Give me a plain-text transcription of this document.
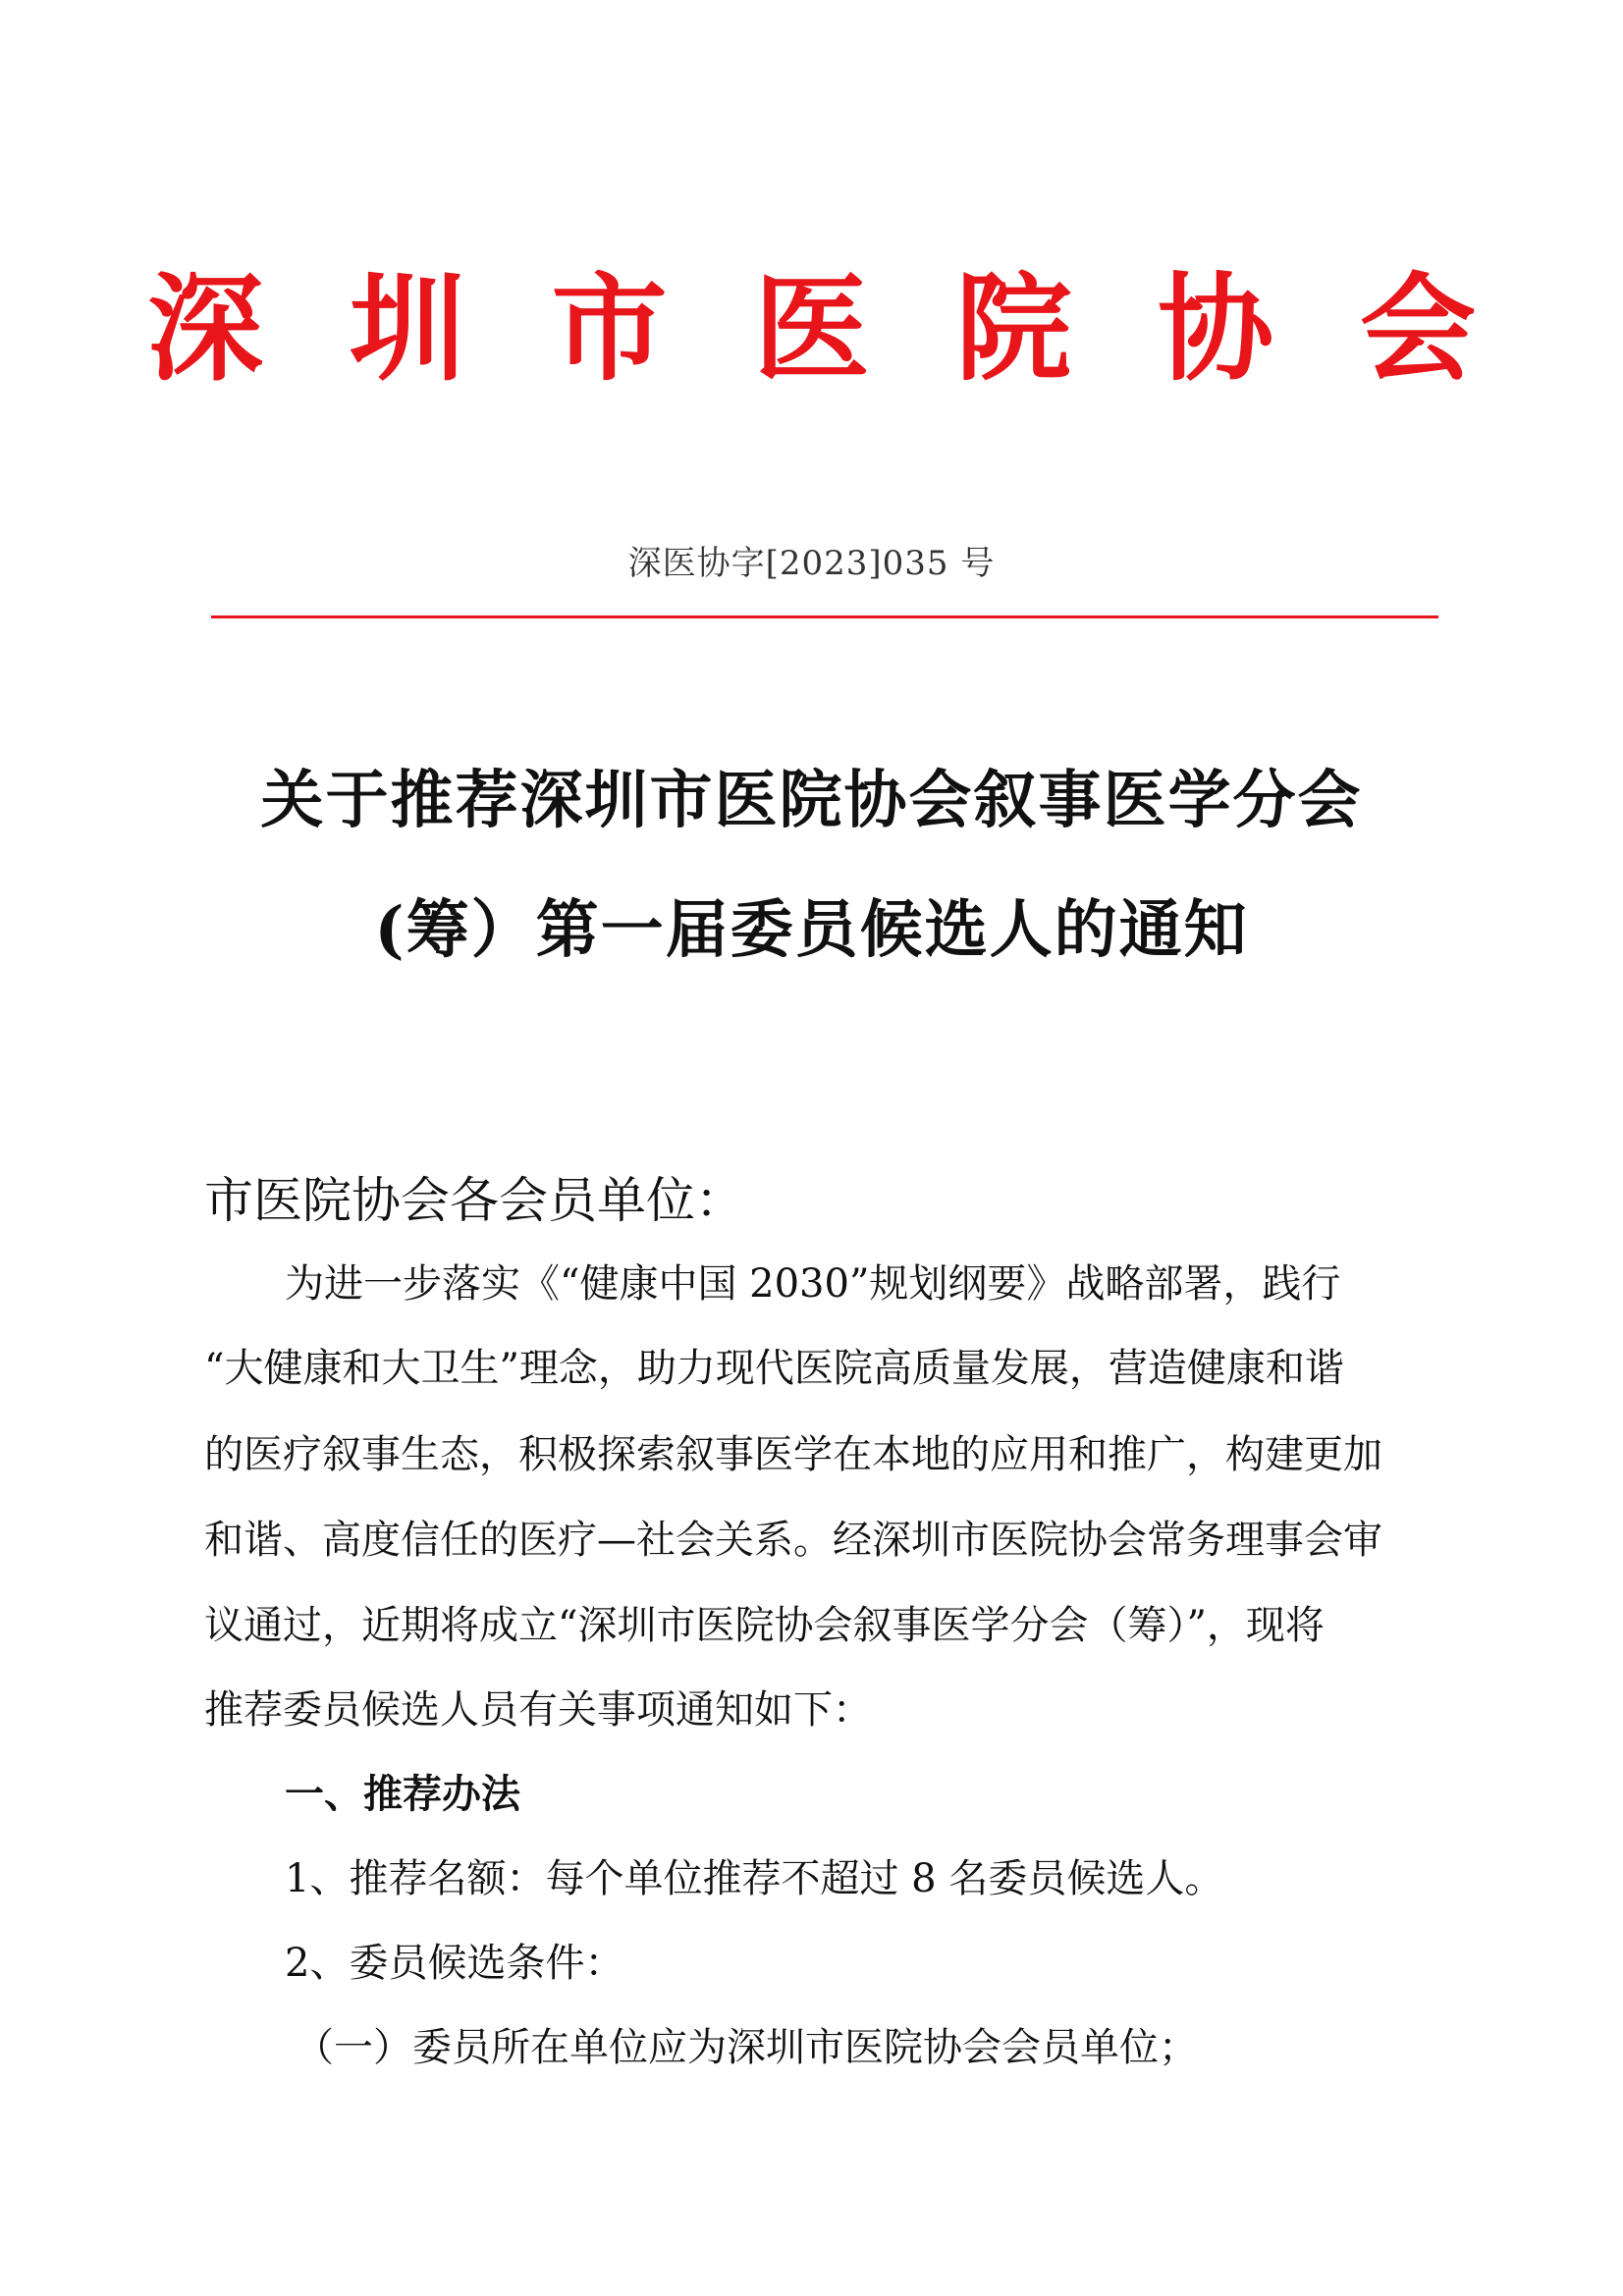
深 圳 市 医 院 协 会
深医协字[2023]035 号
关于推荐深圳市医院协会叙事医学分会
(筹）第一届委员候选人的通知
市医院协会各会员单位：
为进一步落实《“健康中国 2030”规划纲要》战略部署，践行
“大健康和大卫生”理念，助力现代医院高质量发展，营造健康和谐
的医疗叙事生态，积极探索叙事医学在本地的应用和推广，构建更加
和谐、高度信任的医疗—社会关系。经深圳市医院协会常务理事会审
议通过，近期将成立“深圳市医院协会叙事医学分会（筹）”，现将
推荐委员候选人员有关事项通知如下：
一、推荐办法
1、推荐名额：每个单位推荐不超过 8 名委员候选人。
2、委员候选条件：
（一）委员所在单位应为深圳市医院协会会员单位；
